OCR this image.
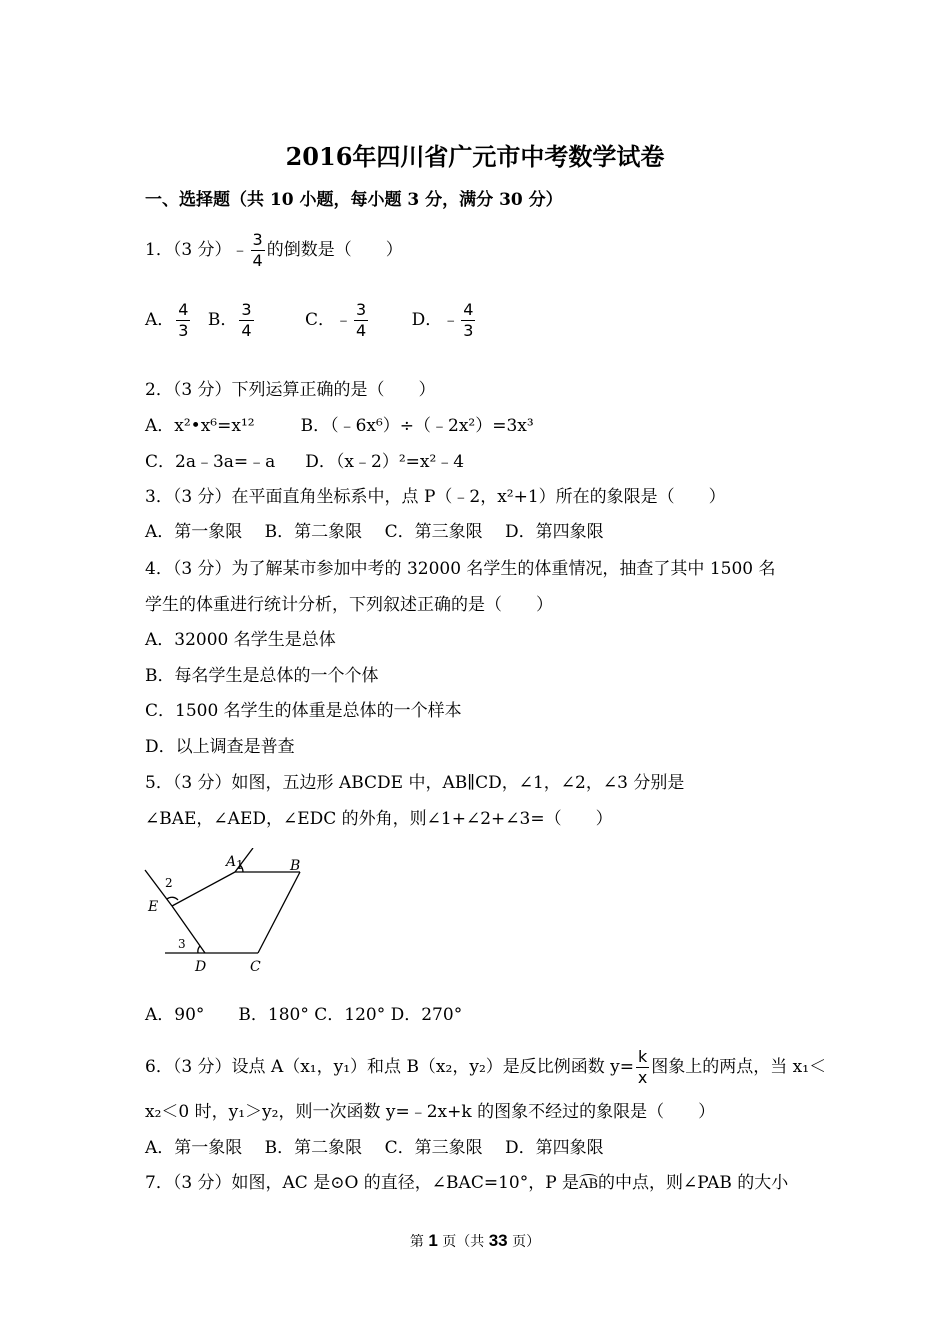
2016年四川省广元市中考数学试卷
一、选择题（共 10 小题，每小题 3 分，满分 30 分）
1．（3 分）﹣ $\frac{3}{4}$ 的倒数是（　　）
A． $\frac{4}{3}$ B． $\frac{3}{4}$	C．﹣ $\frac{3}{4}$	D．﹣ $\frac{4}{3}$
2．（3 分）下列运算正确的是（　　）
A．x²•x⁶=x¹²	B．（﹣6x⁶）÷（﹣2x²）=3x³
C．2a﹣3a=﹣a D．（x﹣2）²=x²﹣4
3．（3 分）在平面直角坐标系中，点 P（﹣2，x²+1）所在的象限是（　　）
A．第一象限　 B．第二象限　 C．第三象限　 D．第四象限
4．（3 分）为了解某市参加中考的 32000 名学生的体重情况，抽查了其中 1500 名
学生的体重进行统计分析，下列叙述正确的是（　　）
A．32000 名学生是总体
B．每名学生是总体的一个个体
C．1500 名学生的体重是总体的一个样本
D．以上调查是普查
5．（3 分）如图，五边形 ABCDE 中，AB∥CD，∠1，∠2，∠3 分别是
∠BAE，∠AED，∠EDC 的外角，则∠1+∠2+∠3=（　　）
A	B
C
D
E
1
2
3
A．90°　　B．180° C．120° D．270°
6．（3 分）设点 A（x₁，y₁）和点 B（x₂，y₂）是反比例函数 $y= \frac{k}{x}$ 图象上的两点，当 x₁＜
x₂＜0 时，y₁＞y₂，则一次函数 y=﹣2x+k 的图象不经过的象限是（　　）
A．第一象限　 B．第二象限　 C．第三象限　 D．第四象限
7．（3 分）如图，AC 是⊙O 的直径，∠BAC=10°，P 是AB的中点，则∠PAB 的大小
第 1 页（共 33 页）
